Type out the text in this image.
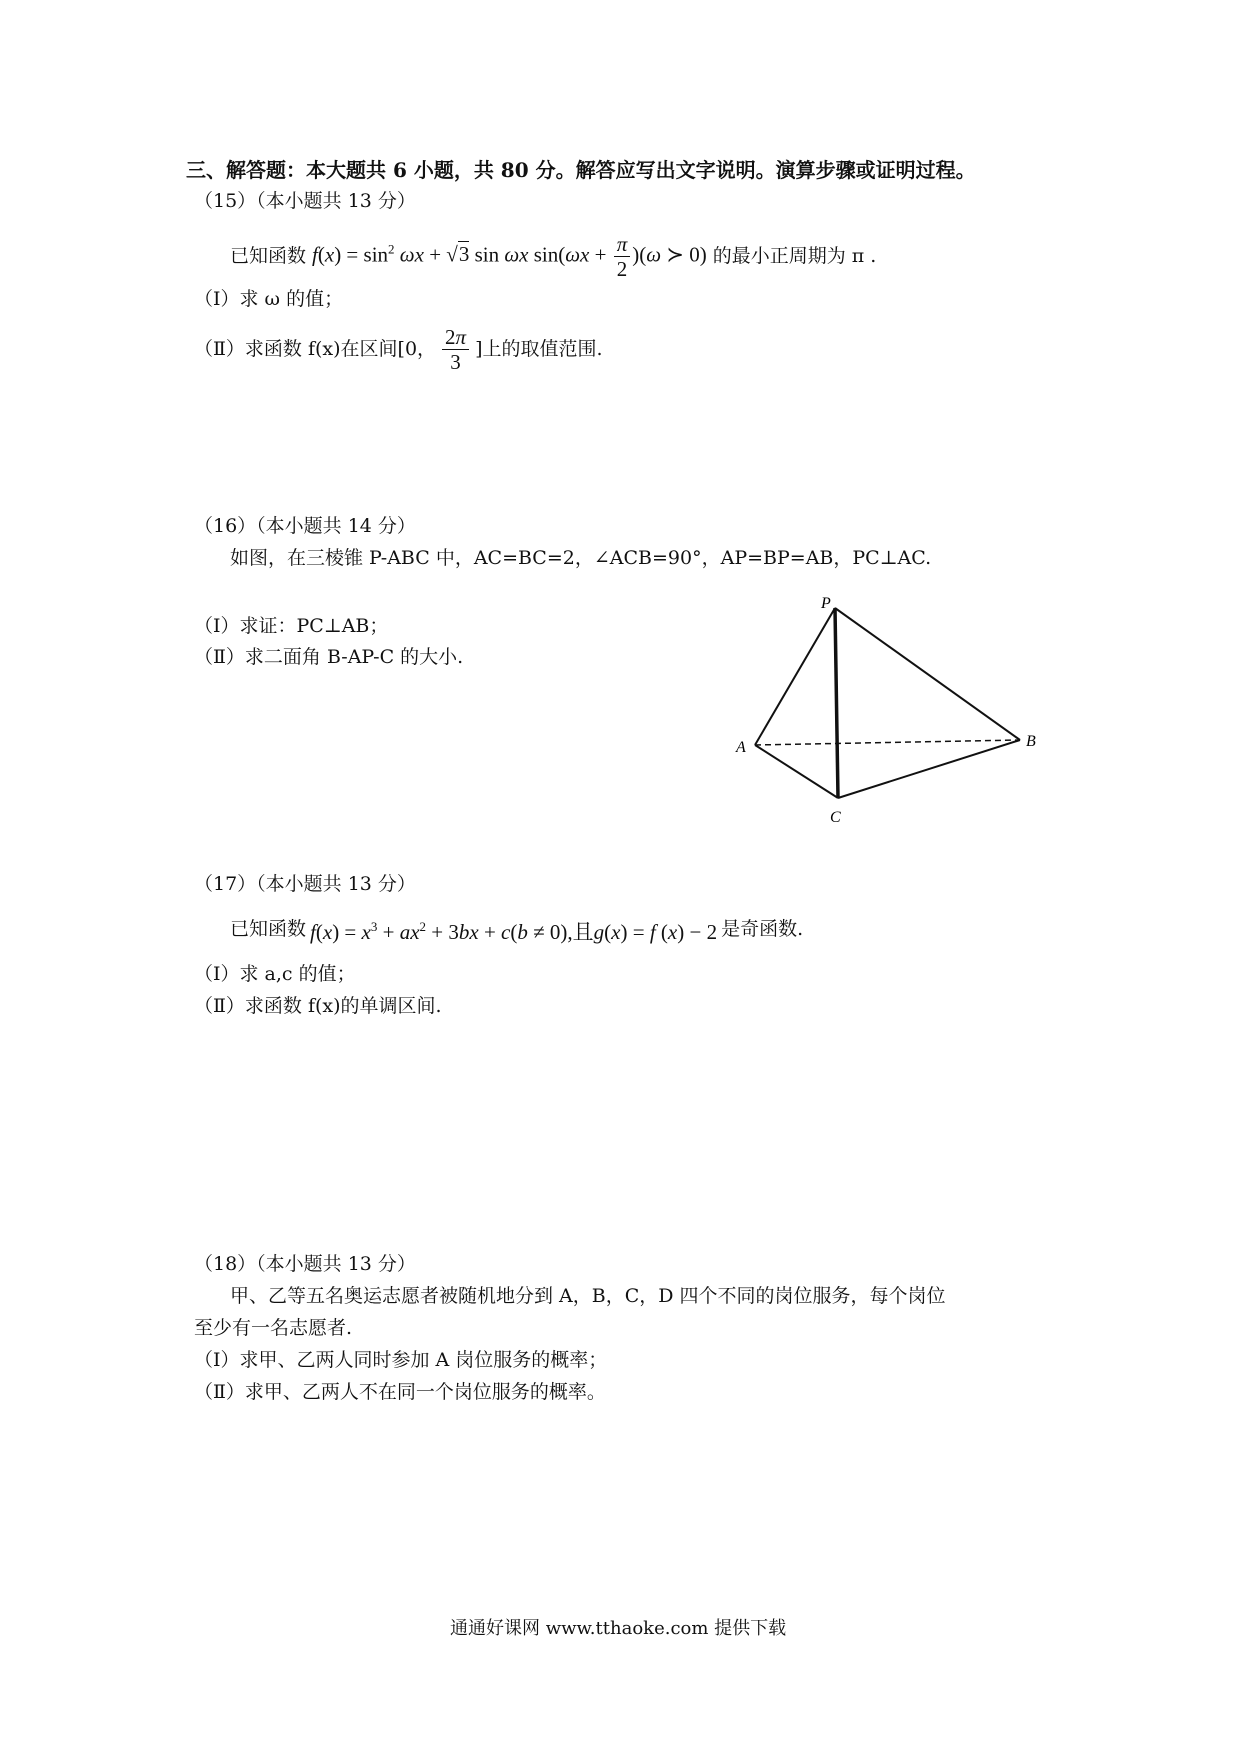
三、解答题：本大题共 6 小题，共 80 分。解答应写出文字说明。演算步骤或证明过程。
（15）（本小题共 13 分）
已知函数 $f(x) = \sin^2 \omega x + √3$ sin ωx $\sin(\omega x + \frac{\pi}{2} )(\omega$ ≻ 0) 的最小正周期为 π .
（Ⅰ）求 ω 的值；
（Ⅱ）求函数 f(x)在区间[0， $\frac{2\pi}{3}$ ]上的取值范围.
（16）（本小题共 14 分）
如图，在三棱锥 P-ABC 中，AC=BC=2，∠ACB=90°，AP=BP=AB，PC⊥AC.
（Ⅰ）求证：PC⊥AB；
（Ⅱ）求二面角 B-AP-C 的大小.
P
A	B
C
（17）（本小题共 13 分）
已知函数 $f(x) = x^3 + ax^2 + 3bx + c(b \ne 0)$,且g(x) = f (x) − 2 是奇函数.
（Ⅰ）求 a,c 的值；
（Ⅱ）求函数 f(x)的单调区间.
（18）（本小题共 13 分）
甲、乙等五名奥运志愿者被随机地分到 A，B，C，D 四个不同的岗位服务，每个岗位
至少有一名志愿者.
（Ⅰ）求甲、乙两人同时参加 A 岗位服务的概率；
（Ⅱ）求甲、乙两人不在同一个岗位服务的概率。
通通好课网 www.tthaoke.com 提供下载
